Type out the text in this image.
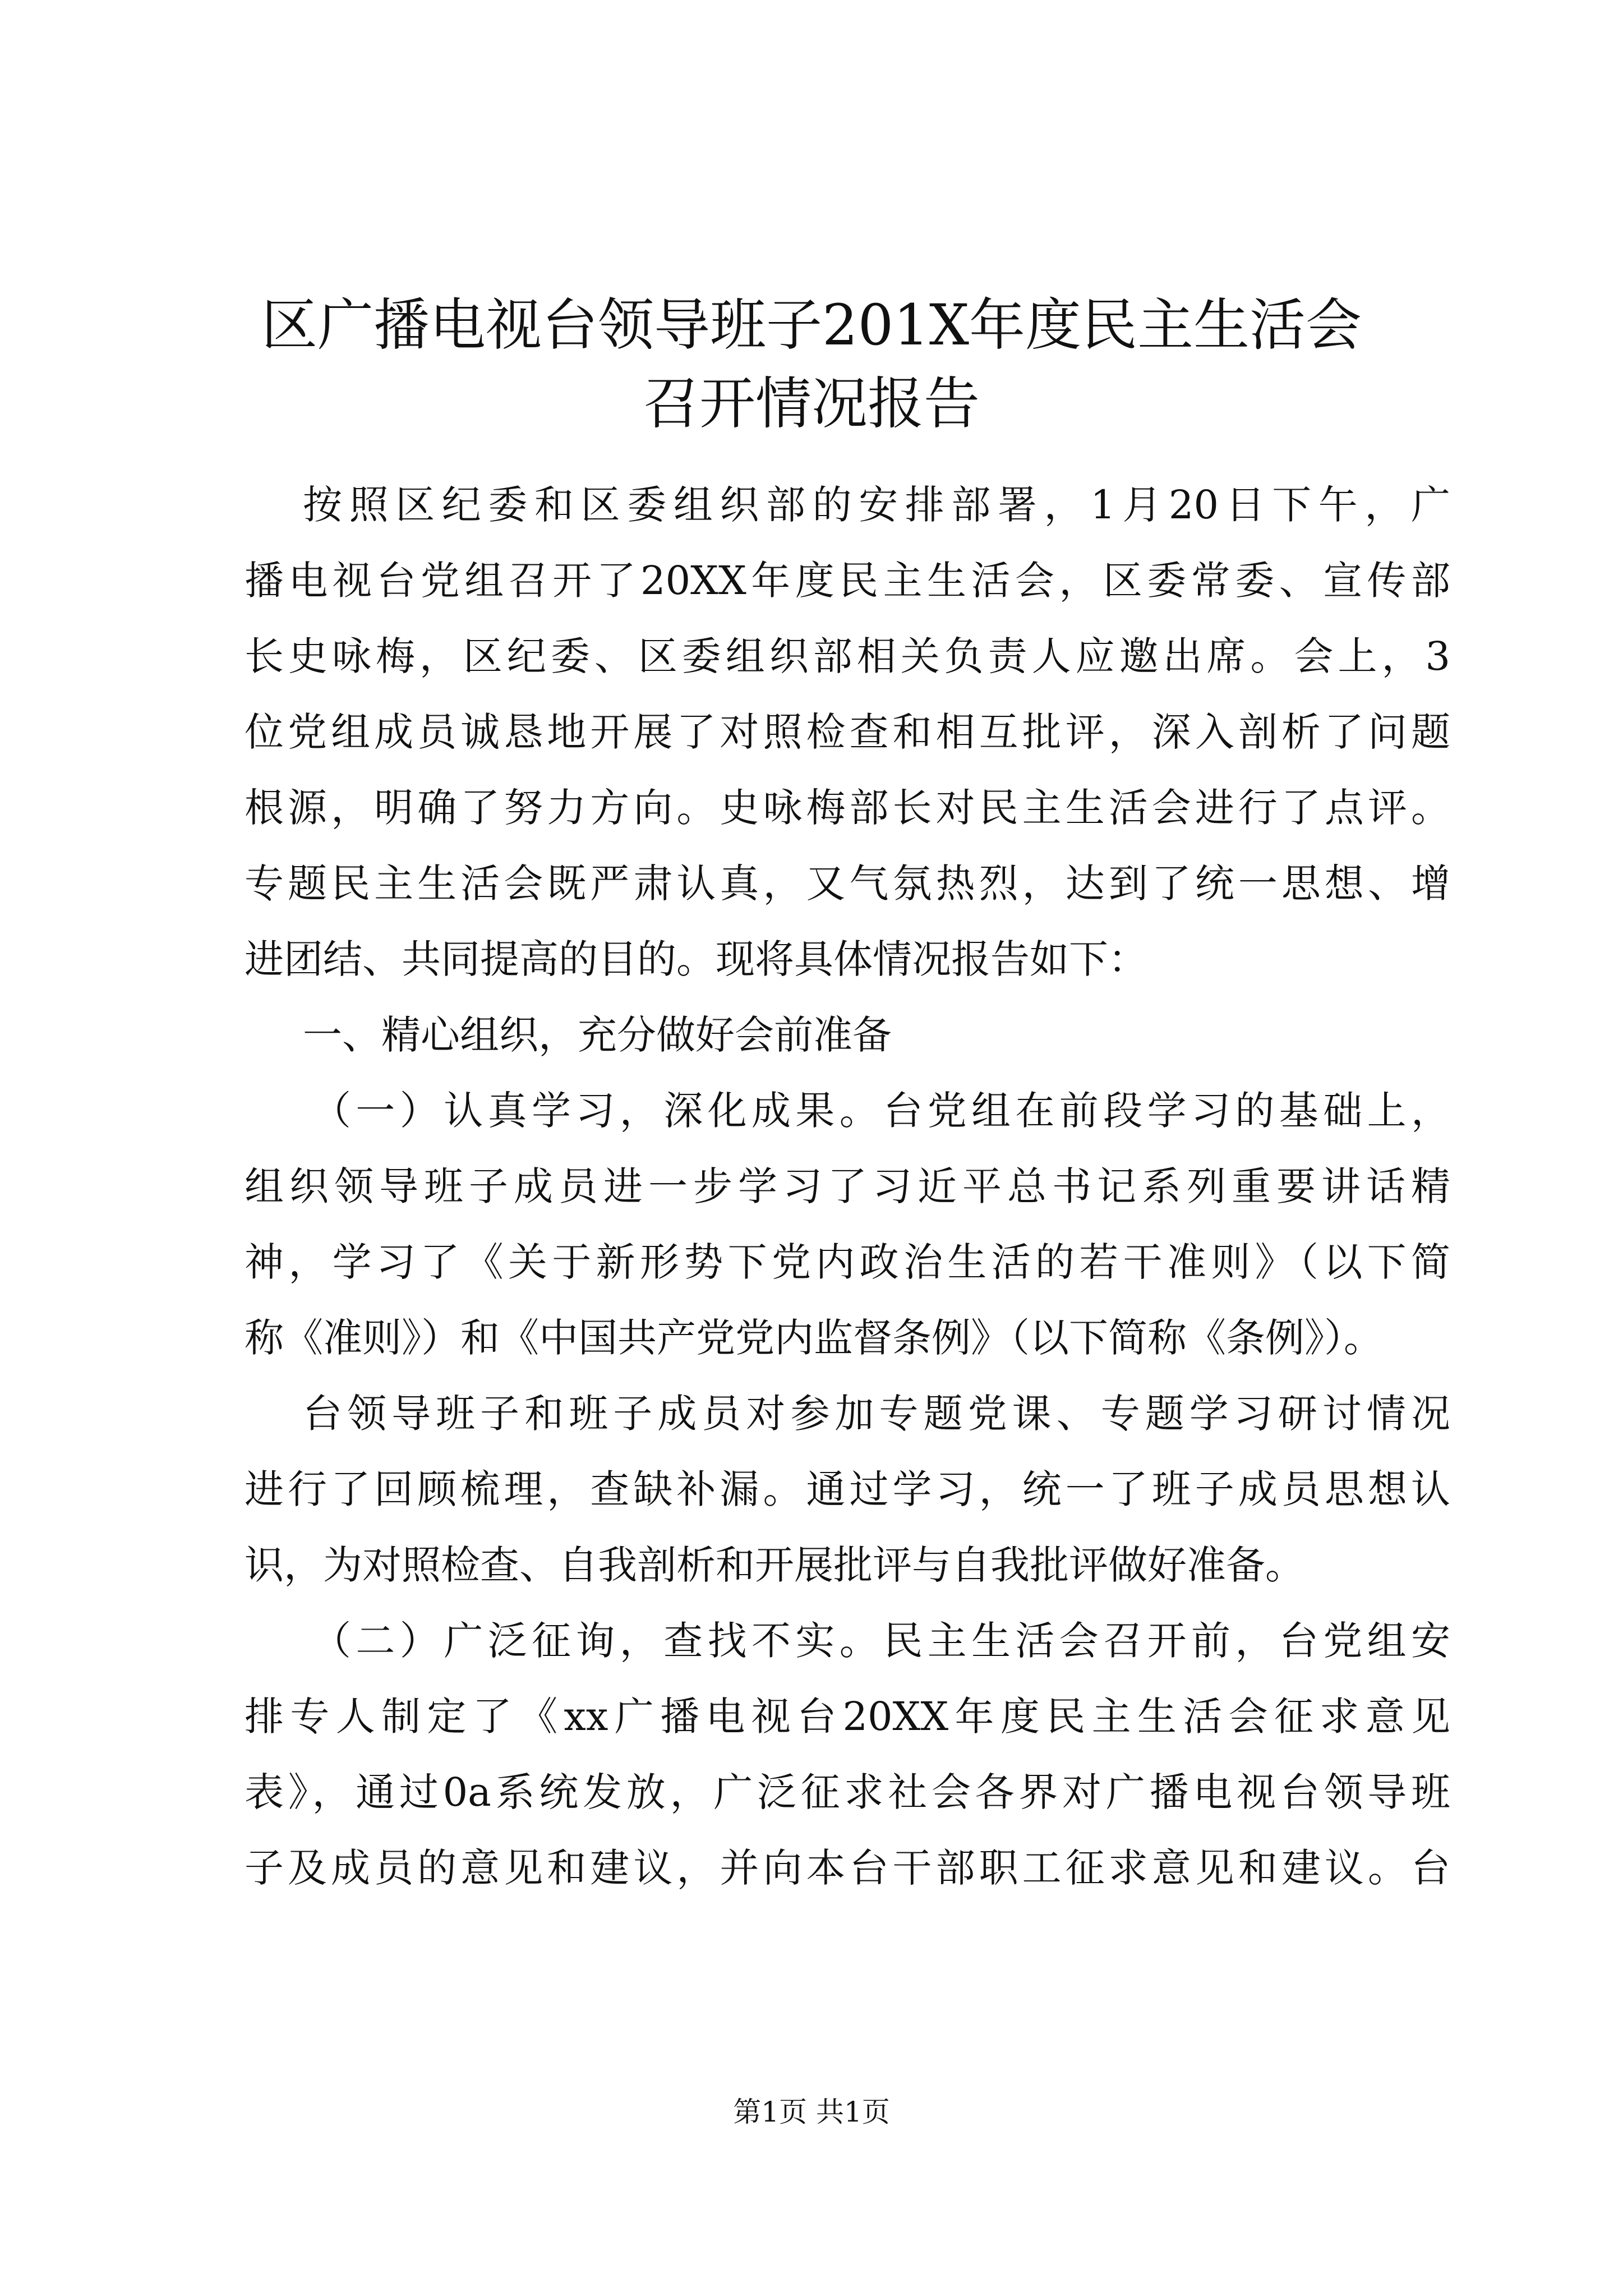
区广播电视台领导班子201X年度民主生活会
召开情况报告
按照区纪委和区委组织部的安排部署，1月20日下午，广
播电视台党组召开了20XX年度民主生活会，区委常委、宣传部
长史咏梅，区纪委、区委组织部相关负责人应邀出席。会上，3
位党组成员诚恳地开展了对照检查和相互批评，深入剖析了问题
根源，明确了努力方向。史咏梅部长对民主生活会进行了点评。
专题民主生活会既严肃认真，又气氛热烈，达到了统一思想、增
进团结、共同提高的目的。现将具体情况报告如下：
一、精心组织，充分做好会前准备
（一）认真学习，深化成果。台党组在前段学习的基础上，
组织领导班子成员进一步学习了习近平总书记系列重要讲话精
神，学习了《关于新形势下党内政治生活的若干准则》（以下简
称《准则》）和《中国共产党党内监督条例》（以下简称《条例》）。
台领导班子和班子成员对参加专题党课、专题学习研讨情况
进行了回顾梳理，查缺补漏。通过学习，统一了班子成员思想认
识，为对照检查、自我剖析和开展批评与自我批评做好准备。
（二）广泛征询，查找不实。民主生活会召开前，台党组安
排专人制定了《xx广播电视台20XX年度民主生活会征求意见
表》，通过0a系统发放，广泛征求社会各界对广播电视台领导班
子及成员的意见和建议，并向本台干部职工征求意见和建议。台
第1页 共1页
